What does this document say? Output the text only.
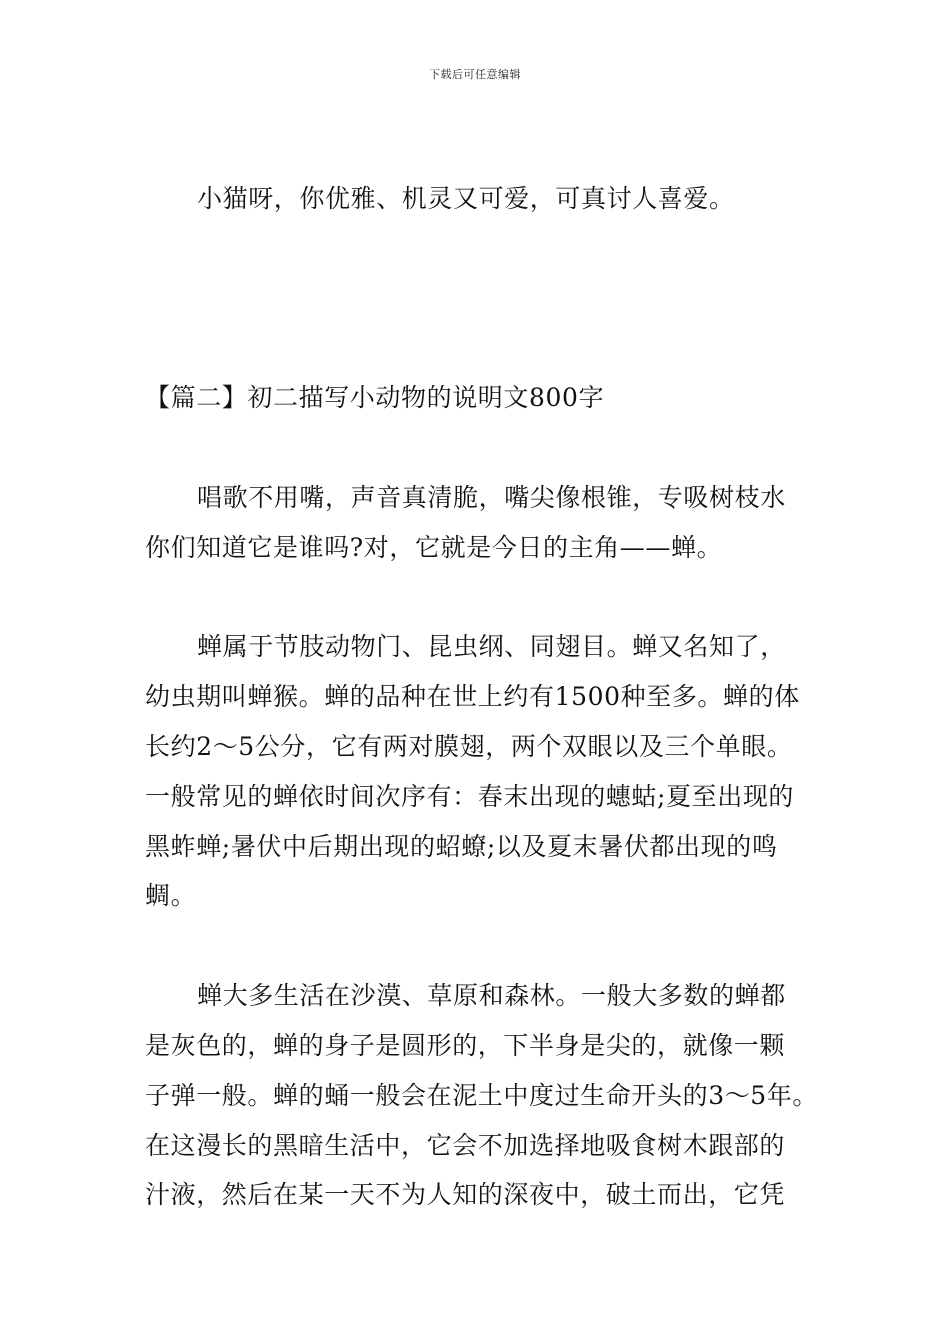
下载后可任意编辑
小猫呀，你优雅、机灵又可爱，可真讨人喜爱。
【篇二】初二描写小动物的说明文800字
唱歌不用嘴，声音真清脆，嘴尖像根锥，专吸树枝水
你们知道它是谁吗?对，它就是今日的主角——蝉。
蝉属于节肢动物门、昆虫纲、同翅目。蝉又名知了，
幼虫期叫蝉猴。蝉的品种在世上约有1500种至多。蝉的体
长约2～5公分，它有两对膜翅，两个双眼以及三个单眼。
一般常见的蝉依时间次序有：春末出现的蟪蛄;夏至出现的
黑蚱蝉;暑伏中后期出现的蛁蟟;以及夏末暑伏都出现的鸣
蜩。
蝉大多生活在沙漠、草原和森林。一般大多数的蝉都
是灰色的，蝉的身子是圆形的，下半身是尖的，就像一颗
子弹一般。蝉的蛹一般会在泥土中度过生命开头的3～5年。
在这漫长的黑暗生活中，它会不加选择地吸食树木跟部的
汁液，然后在某一天不为人知的深夜中，破土而出，它凭
